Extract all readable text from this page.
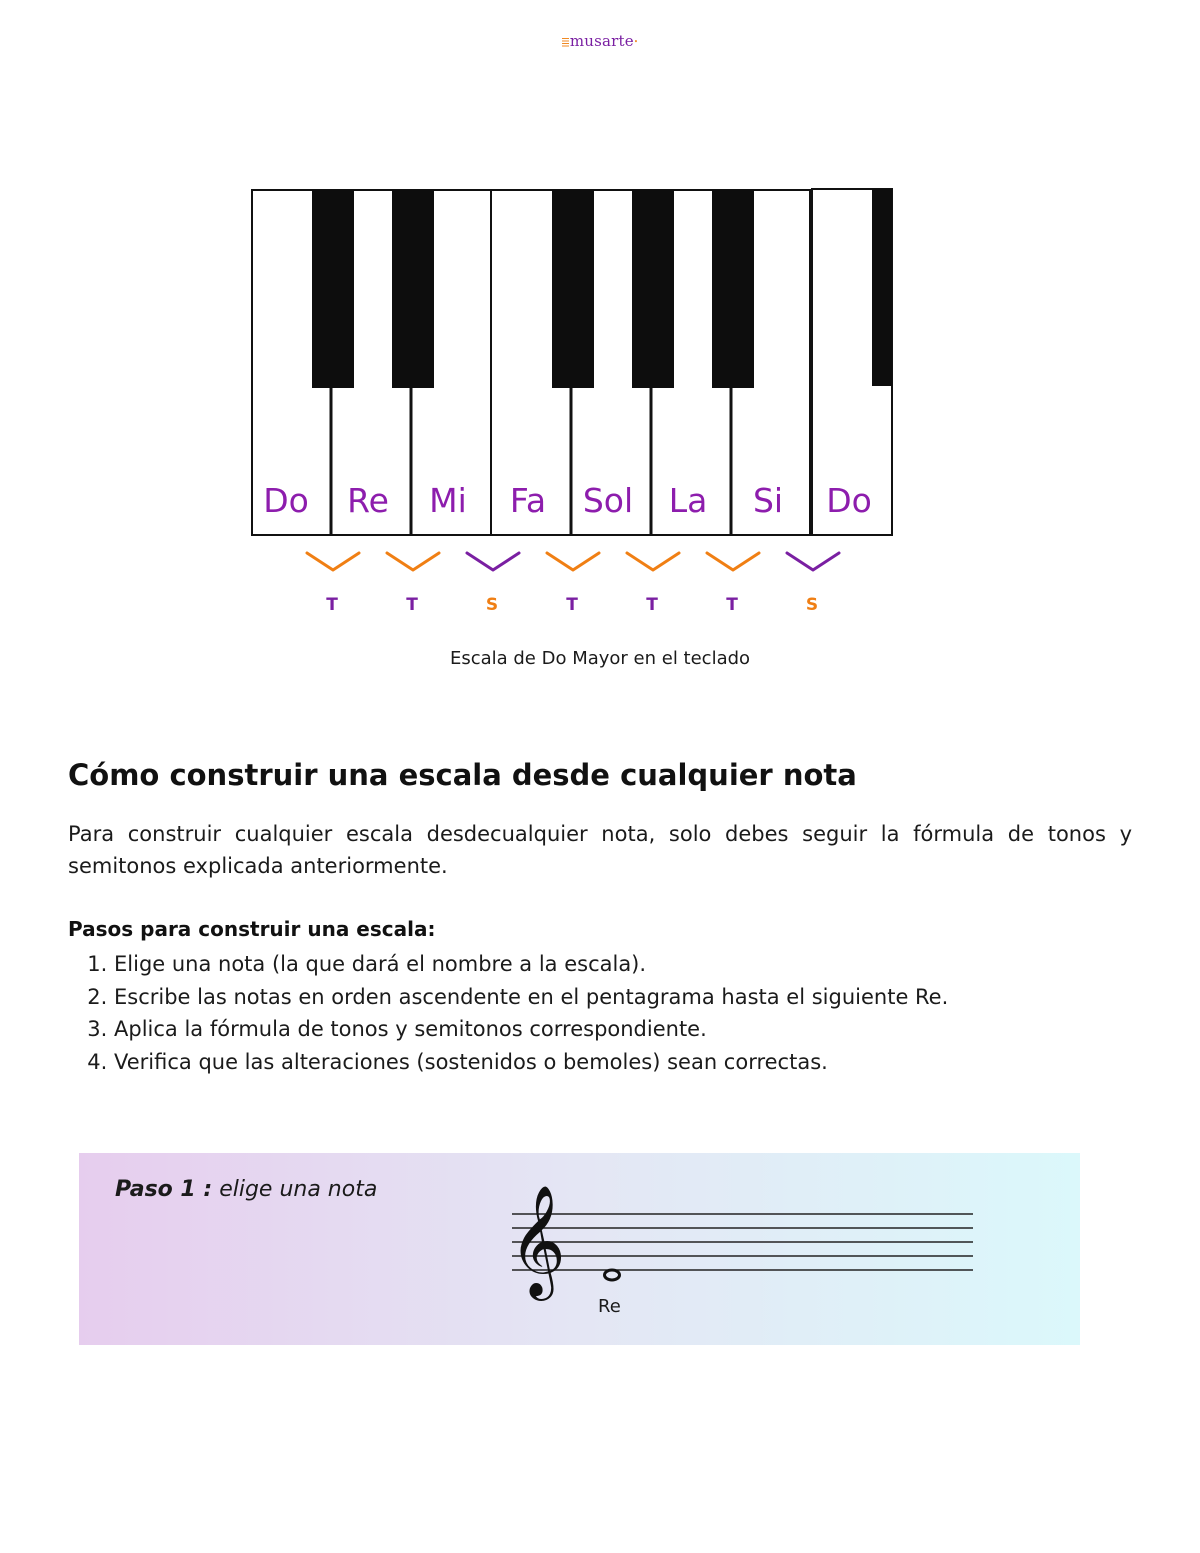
musarte•
Do Re Mi Fa Sol La Si Do
T	T	S	T	T	T	S
Escala de Do Mayor en el teclado
Cómo construir una escala desde cualquier nota

Para construir cualquier escala desdecualquier nota, solo debes seguir la fórmula de tonos y semitonos explicada anteriormente.

Pasos para construir una escala:

1. Elige una nota (la que dará el nombre a la escala).
2. Escribe las notas en orden ascendente en el pentagrama hasta el siguiente Re.
3. Aplica la fórmula de tonos y semitonos correspondiente.
4. Verifica que las alteraciones (sostenidos o bemoles) sean correctas.
Paso 1 : elige una nota 𝄞
Re
